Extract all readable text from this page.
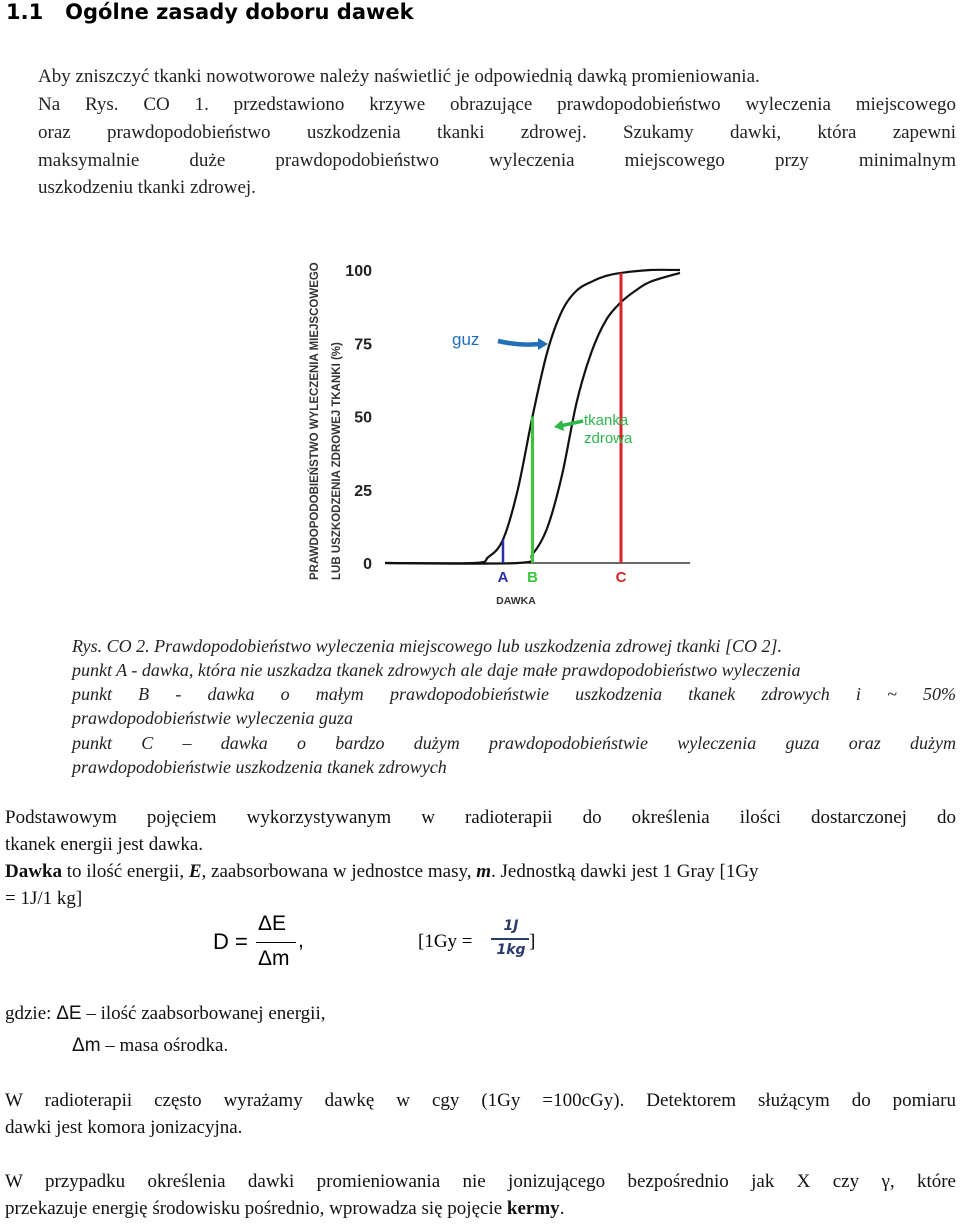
1.1 Ogólne zasady doboru dawek
Aby zniszczyć tkanki nowotworowe należy naświetlić je odpowiednią dawką promieniowania.
Na Rys. CO 1. przedstawiono krzywe obrazujące prawdopodobieństwo wyleczenia miejscowego
oraz prawdopodobieństwo uszkodzenia tkanki zdrowej. Szukamy dawki, która zapewni
maksymalnie duże prawdopodobieństwo wyleczenia miejscowego przy minimalnym
uszkodzeniu tkanki zdrowej.
PRAWDOPODOBIEŃSTWO WYLECZENIA MIEJSCOWEGO LUB USZKODZENIA ZDROWEJ TKANKI (%) 0
25
50
75
100
A B	C
guz
tkanka
zdrowa
DAWKA
Rys. CO 2. Prawdopodobieństwo wyleczenia miejscowego lub uszkodzenia zdrowej tkanki [CO 2].
punkt A - dawka, która nie uszkadza tkanek zdrowych ale daje małe prawdopodobieństwo wyleczenia
punkt B - dawka o małym prawdopodobieństwie uszkodzenia tkanek zdrowych i ~ 50%
prawdopodobieństwie wyleczenia guza
punkt C – dawka o bardzo dużym prawdopodobieństwie wyleczenia guza oraz dużym
prawdopodobieństwie uszkodzenia tkanek zdrowych
Podstawowym pojęciem wykorzystywanym w radioterapii do określenia ilości dostarczonej do
tkanek energii jest dawka.
Dawka to ilość energii, E, zaabsorbowana w jednostce masy, m. Jednostką dawki jest 1 Gray [1Gy
= 1J/1 kg]
D =
ΔE
Δm
,	[1Gy =
1J
1kg ]
gdzie: ΔE – ilość zaabsorbowanej energii,
Δm – masa ośrodka.
W radioterapii często wyrażamy dawkę w cgy (1Gy =100cGy). Detektorem służącym do pomiaru
dawki jest komora jonizacyjna.
W przypadku określenia dawki promieniowania nie jonizującego bezpośrednio jak X czy γ, które
przekazuje energię środowisku pośrednio, wprowadza się pojęcie kermy.
